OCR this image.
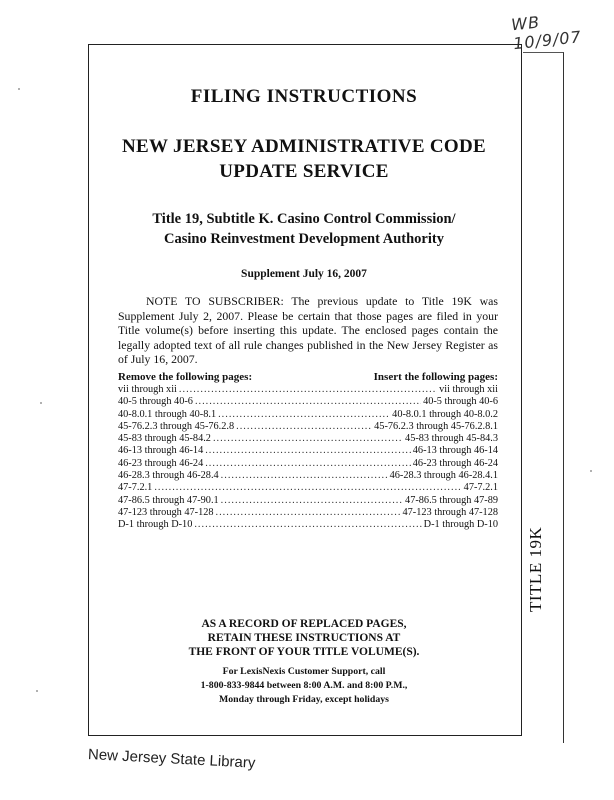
WB 10/9/07
TITLE 19K
FILING INSTRUCTIONS
NEW JERSEY ADMINISTRATIVE CODE
UPDATE SERVICE
Title 19, Subtitle K. Casino Control Commission/
Casino Reinvestment Development Authority
Supplement July 16, 2007
NOTE TO SUBSCRIBER: The previous update to Title 19K was Supplement July 2, 2007. Please be certain that those pages are filed in your Title volume(s) before inserting this update. The enclosed pages contain the legally adopted text of all rule changes published in the New Jersey Register as of July 16, 2007.
Remove the following pages:	Insert the following pages:
vii through xii .....	vii through xii
40-5 through 40-6 .....	40-5 through 40-6
40-8.0.1 through 40-8.1 .....	40-8.0.1 through 40-8.0.2
45-76.2.3 through 45-76.2.8 .....	45-76.2.3 through 45-76.2.8.1
45-83 through 45-84.2 .....	45-83 through 45-84.3
46-13 through 46-14 .....	46-13 through 46-14
46-23 through 46-24 .....	46-23 through 46-24
46-28.3 through 46-28.4 .....	46-28.3 through 46-28.4.1
47-7.2.1 .....	47-7.2.1
47-86.5 through 47-90.1 .....	47-86.5 through 47-89
47-123 through 47-128 .....	47-123 through 47-128
D-1 through D-10 .....	D-1 through D-10
AS A RECORD OF REPLACED PAGES,
RETAIN THESE INSTRUCTIONS AT
THE FRONT OF YOUR TITLE VOLUME(S).
For LexisNexis Customer Support, call
1-800-833-9844 between 8:00 A.M. and 8:00 P.M.,
Monday through Friday, except holidays
New Jersey State Library
